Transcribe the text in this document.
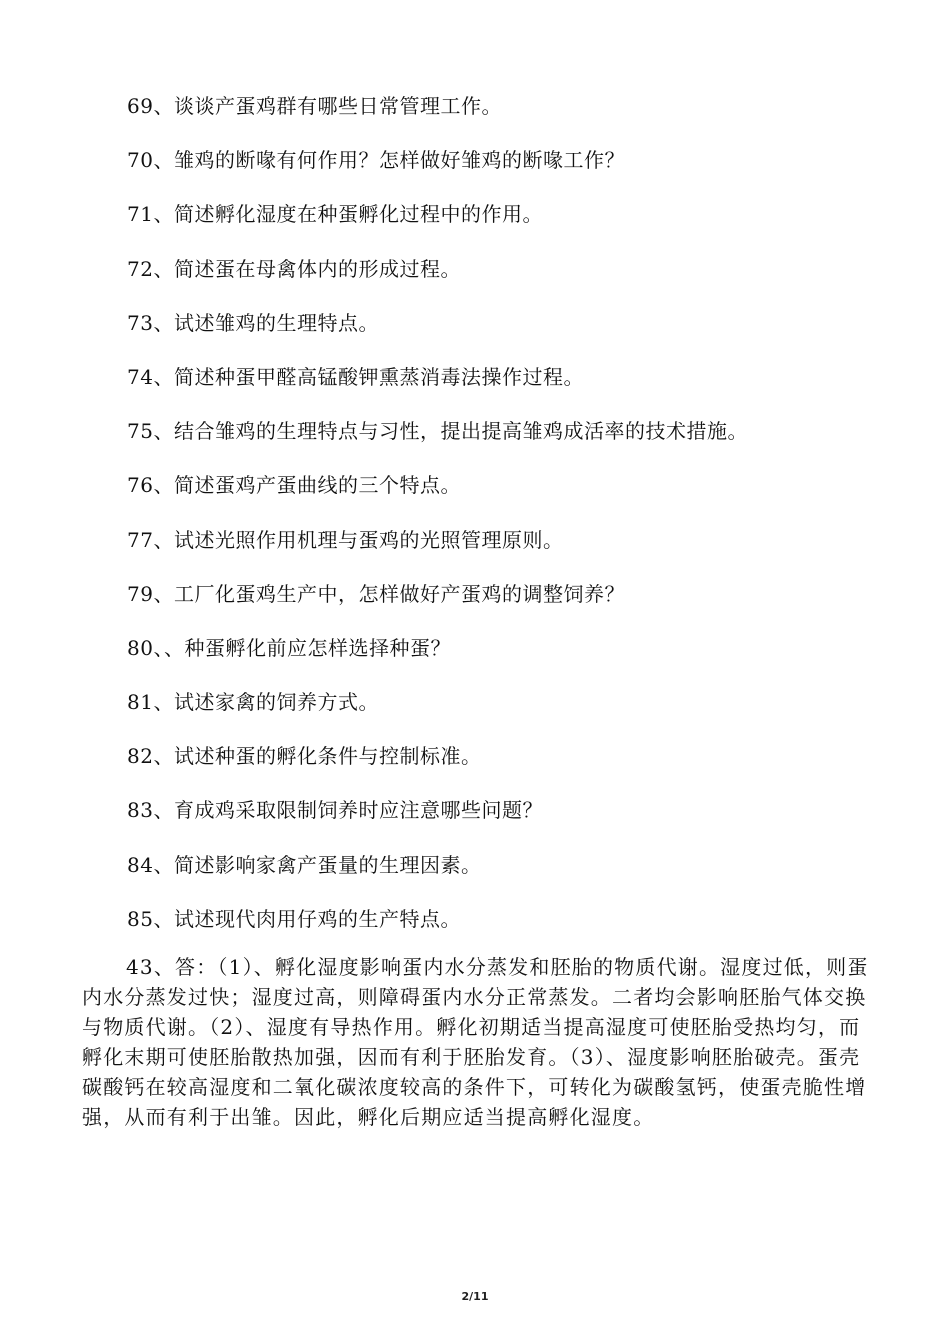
69、谈谈产蛋鸡群有哪些日常管理工作。
70、雏鸡的断喙有何作用？怎样做好雏鸡的断喙工作？
71、简述孵化湿度在种蛋孵化过程中的作用。
72、简述蛋在母禽体内的形成过程。
73、试述雏鸡的生理特点。
74、简述种蛋甲醛高锰酸钾熏蒸消毒法操作过程。
75、结合雏鸡的生理特点与习性，提出提高雏鸡成活率的技术措施。
76、简述蛋鸡产蛋曲线的三个特点。
77、试述光照作用机理与蛋鸡的光照管理原则。
79、工厂化蛋鸡生产中，怎样做好产蛋鸡的调整饲养？
80、、种蛋孵化前应怎样选择种蛋？
81、试述家禽的饲养方式。
82、试述种蛋的孵化条件与控制标准。
83、育成鸡采取限制饲养时应注意哪些问题？
84、简述影响家禽产蛋量的生理因素。
85、试述现代肉用仔鸡的生产特点。

43、答：（1）、孵化湿度影响蛋内水分蒸发和胚胎的物质代谢。湿度过低，则蛋内水分蒸发过快；湿度过高，则障碍蛋内水分正常蒸发。二者均会影响胚胎气体交换与物质代谢。（2）、湿度有导热作用。孵化初期适当提高湿度可使胚胎受热均匀，而孵化末期可使胚胎散热加强，因而有利于胚胎发育。（3）、湿度影响胚胎破壳。蛋壳碳酸钙在较高湿度和二氧化碳浓度较高的条件下，可转化为碳酸氢钙，使蛋壳脆性增强，从而有利于出雏。因此，孵化后期应适当提高孵化湿度。

2/11
